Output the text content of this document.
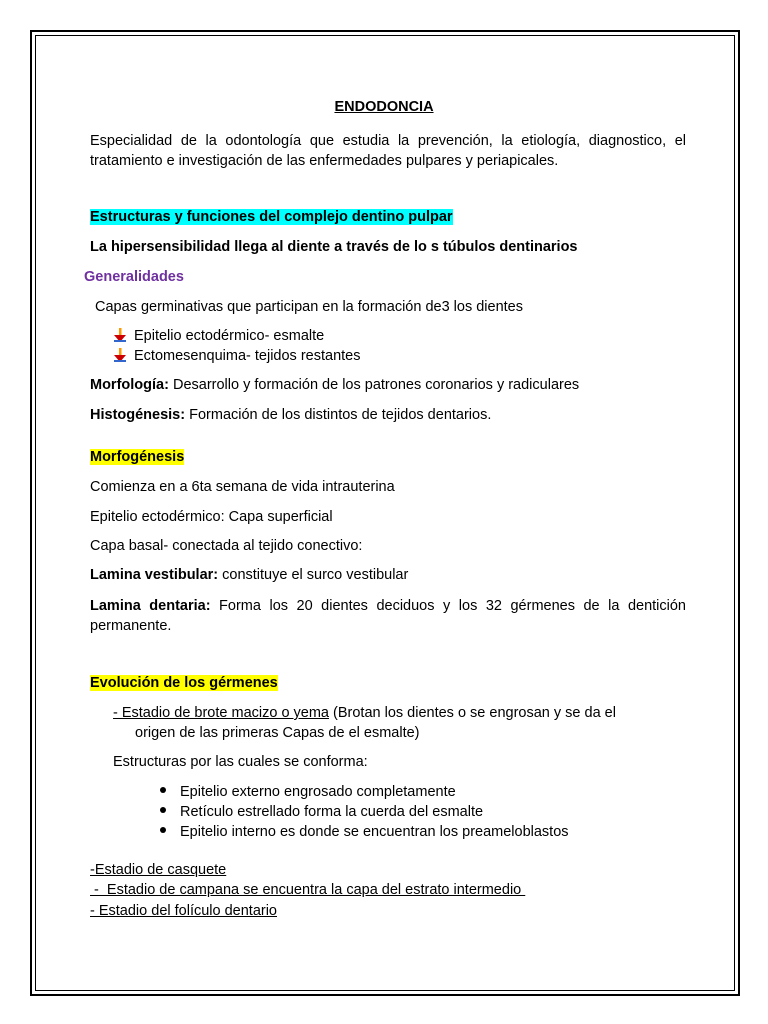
ENDODONCIA
Especialidad de la odontología que estudia la prevención, la etiología, diagnostico, el tratamiento e investigación de las enfermedades pulpares y periapicales.
Estructuras y funciones del complejo dentino pulpar
La hipersensibilidad llega al diente a través de lo s túbulos dentinarios
Generalidades
Capas germinativas que participan en la formación de3 los dientes
Epitelio ectodérmico- esmalte
Ectomesenquima- tejidos restantes
Morfología: Desarrollo y formación de los patrones coronarios y radiculares
Histogénesis: Formación de los distintos de tejidos dentarios.
Morfogénesis
Comienza en a 6ta semana de vida intrauterina
Epitelio ectodérmico: Capa superficial
Capa basal- conectada al tejido conectivo:
Lamina vestibular: constituye el surco vestibular
Lamina dentaria: Forma los 20 dientes deciduos y los 32 gérmenes de la dentición permanente.
Evolución de los gérmenes
- Estadio de brote macizo o yema (Brotan los dientes o se engrosan y se da el
origen de las primeras Capas de el esmalte)
Estructuras por las cuales se conforma:
Epitelio externo engrosado completamente
Retículo estrellado forma la cuerda del esmalte
Epitelio interno es donde se encuentran los preameloblastos
-Estadio de casquete
-  Estadio de campana se encuentra la capa del estrato intermedio
- Estadio del folículo dentario
